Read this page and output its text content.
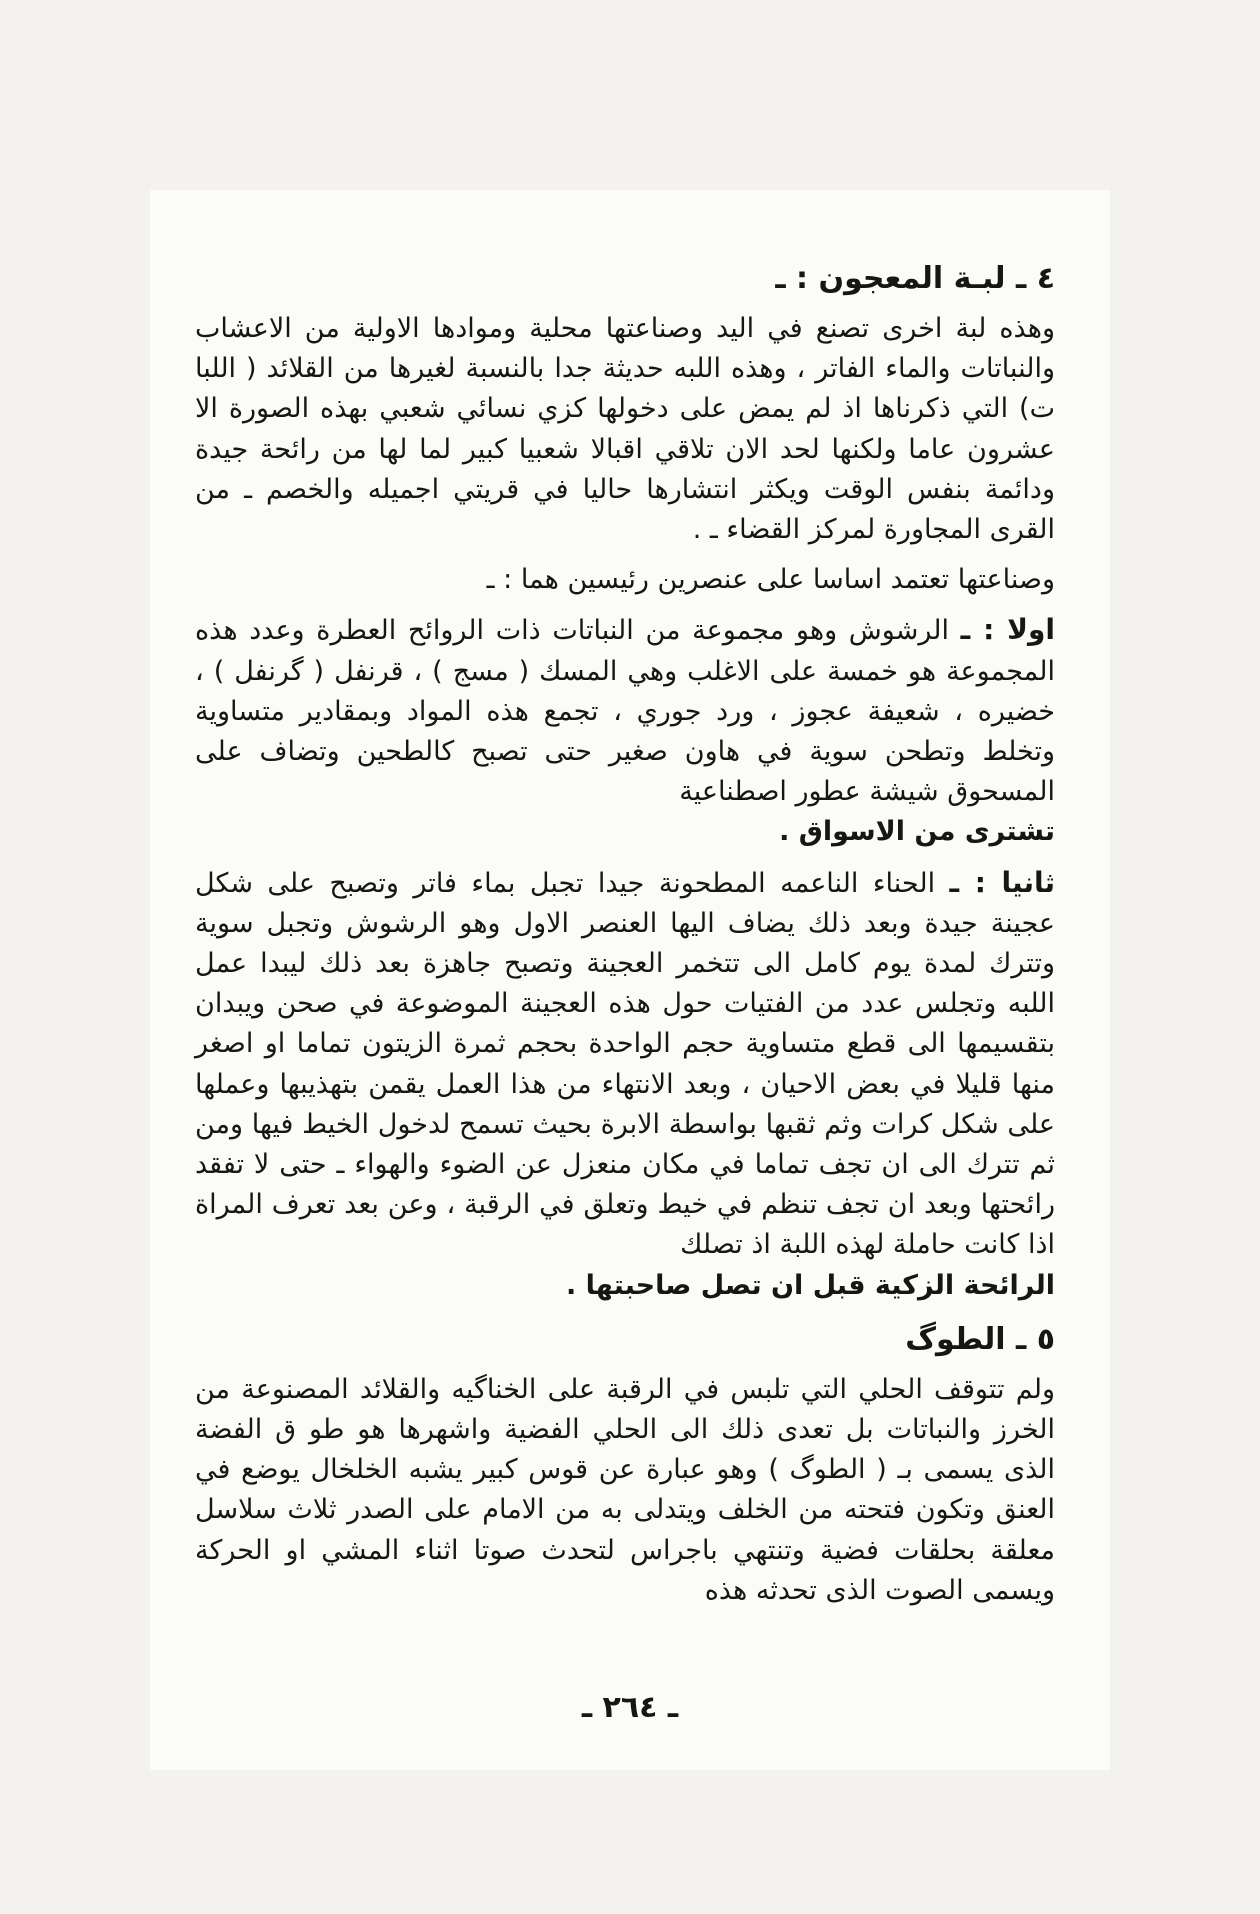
٤ ـ لبـة المعجون : ـ

وهذه لبة اخرى تصنع في اليد وصناعتها محلية وموادها الاولية من الاعشاب والنباتات والماء الفاتر ، وهذه اللبه حديثة جدا بالنسبة لغيرها من القلائد ( اللبا ت) التي ذكرناها اذ لم يمض على دخولها كزي نسائي شعبي بهذه الصورة الا عشرون عاما ولكنها لحد الان تلاقي اقبالا شعبيا كبير لما لها من رائحة جيدة ودائمة بنفس الوقت ويكثر انتشارها حاليا في قريتي اجميله والخصم ـ من القرى المجاورة لمركز القضاء ـ .

وصناعتها تعتمد اساسا على عنصرين رئيسين هما : ـ

اولا : ـ الرشوش وهو مجموعة من النباتات ذات الروائح العطرة وعدد هذه المجموعة هو خمسة على الاغلب وهي المسك ( مسج ) ، قرنفل ( گرنفل ) ، خضيره ، شعيفة عجوز ، ورد جوري ، تجمع هذه المواد وبمقادير متساوية وتخلط وتطحن سوية في هاون صغير حتى تصبح كالطحين وتضاف على المسحوق شيشة عطور اصطناعية
تشترى من الاسواق .

ثانيا : ـ الحناء الناعمه المطحونة جيدا تجبل بماء فاتر وتصبح على شكل عجينة جيدة وبعد ذلك يضاف اليها العنصر الاول وهو الرشوش وتجبل سوية وتترك لمدة يوم كامل الى تتخمر العجينة وتصبح جاهزة بعد ذلك ليبدا عمل اللبه وتجلس عدد من الفتيات حول هذه العجينة الموضوعة في صحن ويبدان بتقسيمها الى قطع متساوية حجم الواحدة بحجم ثمرة الزيتون تماما او اصغر منها قليلا في بعض الاحيان ، وبعد الانتهاء من هذا العمل يقمن بتهذيبها وعملها على شكل كرات وثم ثقبها بواسطة الابرة بحيث تسمح لدخول الخيط فيها ومن ثم تترك الى ان تجف تماما في مكان منعزل عن الضوء والهواء ـ حتى لا تفقد رائحتها وبعد ان تجف تنظم في خيط وتعلق في الرقبة ، وعن بعد تعرف المراة اذا كانت حاملة لهذه اللبة اذ تصلك
الرائحة الزكية قبل ان تصل صاحبتها .

٥ ـ الطوگ

ولم تتوقف الحلي التي تلبس في الرقبة على الخناگيه والقلائد المصنوعة من الخرز والنباتات بل تعدى ذلك الى الحلي الفضية واشهرها هو طو ق الفضة الذى يسمى بـ ( الطوگ ) وهو عبارة عن قوس كبير يشبه الخلخال يوضع في العنق وتكون فتحته من الخلف ويتدلى به من الامام على الصدر ثلاث سلاسل معلقة بحلقات فضية وتنتهي باجراس لتحدث صوتا اثناء المشي او الحركة ويسمى الصوت الذى تحدثه هذه

ـ ٢٦٤ ـ
